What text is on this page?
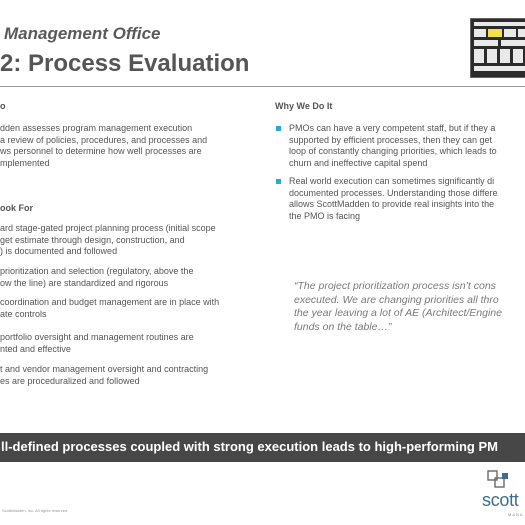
Management Office
2: Process Evaluation
o
dden assesses program management execution
a review of policies, procedures, and processes and
ws personnel to determine how well processes are
mplemented
ook For
ard stage-gated project planning process (initial scope
get estimate through design, construction, and
) is documented and followed
prioritization and selection (regulatory, above the
ow the line) are standardized and rigorous
coordination and budget management are in place with
ate controls
portfolio oversight and management routines are
nted and effective
t and vendor management oversight and contracting
es are proceduralized and followed
Why We Do It
PMOs can have a very competent staff, but if they a
supported by efficient processes, then they can get
loop of constantly changing priorities, which leads to
churn and ineffective capital spend
Real world execution can sometimes significantly di
documented processes. Understanding those differe
allows ScottMadden to provide real insights into the
the PMO is facing
“The project prioritization process isn’t cons
executed. We are changing priorities all thro
the year leaving a lot of AE (Architect/Engine
funds on the table…”
ll-defined processes coupled with strong execution leads to high-performing PM
ScottMadden, Inc. All rights reserved.
scott
MANA
